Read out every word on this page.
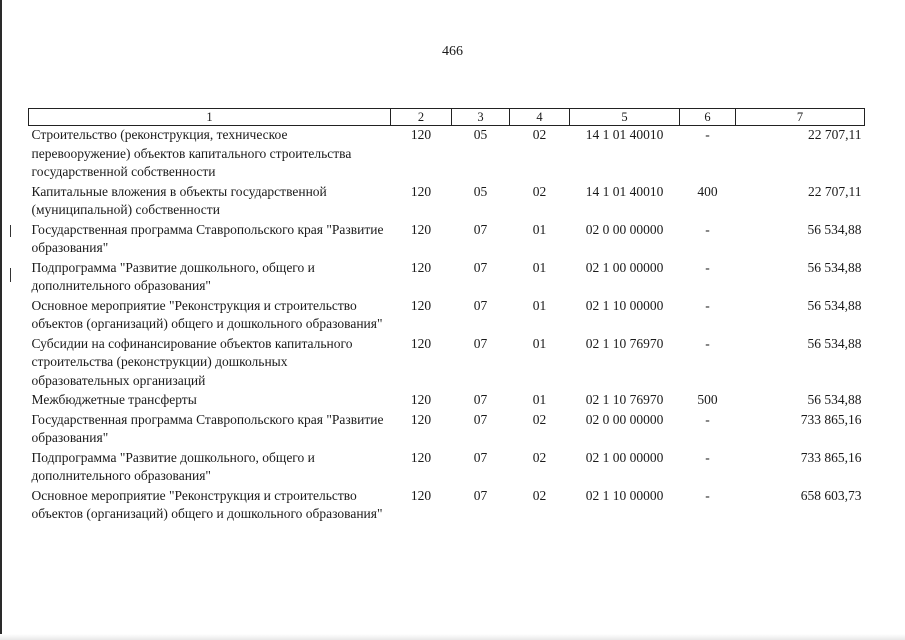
466
1	2	3	4	5	6	7
Строительство (реконструкция, техническое перевооружение) объектов капитального строительства государственной собственности	120	05	02	14 1 01 40010	-	22 707,11
Капитальные вложения в объекты государственной (муниципальной) собственности	120	05	02	14 1 01 40010	400	22 707,11
Государственная программа Ставропольского края "Развитие образования"	120	07	01	02 0 00 00000	-	56 534,88
Подпрограмма "Развитие дошкольного, общего и дополнительного образования"	120	07	01	02 1 00 00000	-	56 534,88
Основное мероприятие "Реконструкция и строительство объектов (организаций) общего и дошкольного образования"	120	07	01	02 1 10 00000	-	56 534,88
Субсидии на софинансирование объектов капитального строительства (реконструкции) дошкольных образовательных организаций	120	07	01	02 1 10 76970	-	56 534,88
Межбюджетные трансферты	120	07	01	02 1 10 76970	500	56 534,88
Государственная программа Ставропольского края "Развитие образования"	120	07	02	02 0 00 00000	-	733 865,16
Подпрограмма "Развитие дошкольного, общего и дополнительного образования"	120	07	02	02 1 00 00000	-	733 865,16
Основное мероприятие "Реконструкция и строительство объектов (организаций) общего и дошкольного образования"	120	07	02	02 1 10 00000	-	658 603,73
